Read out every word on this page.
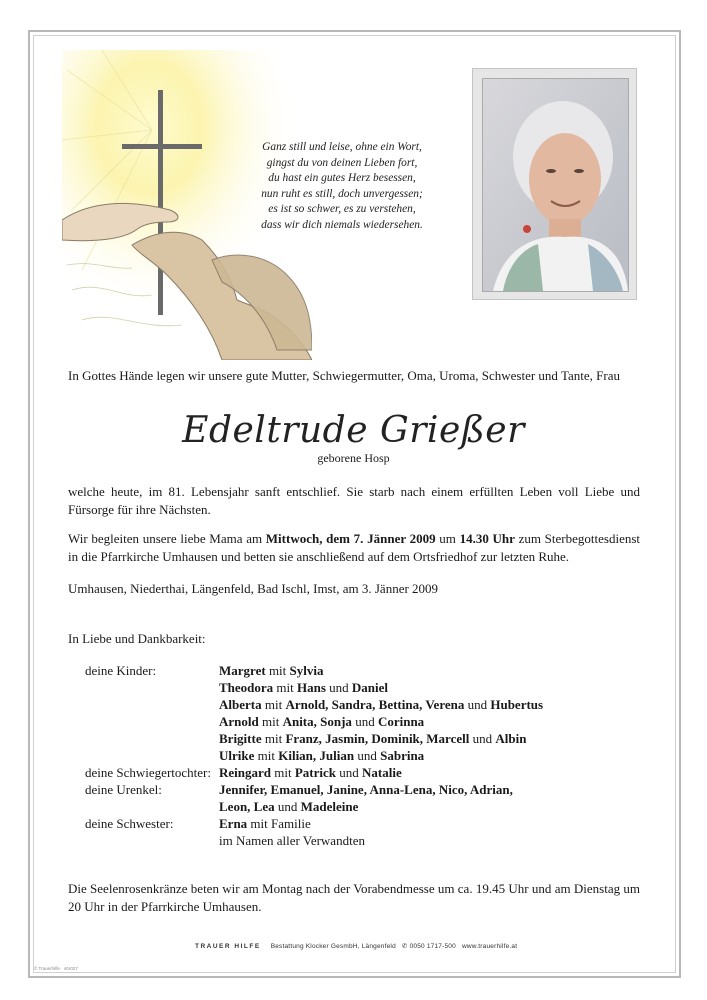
Ganz still und leise, ohne ein Wort,
gingst du von deinen Lieben fort,
du hast ein gutes Herz besessen,
nun ruht es still, doch unvergessen;
es ist so schwer, es zu verstehen,
dass wir dich niemals wiedersehen.
In Gottes Hände legen wir unsere gute Mutter, Schwiegermutter, Oma, Uroma, Schwester und Tante, Frau
Edeltrude Grießer
geborene Hosp
welche heute, im 81. Lebensjahr sanft entschlief. Sie starb nach einem erfüllten Leben voll Liebe und Fürsorge für ihre Nächsten.
Wir begleiten unsere liebe Mama am Mittwoch, dem 7. Jänner 2009 um 14.30 Uhr zum Sterbegottesdienst in die Pfarrkirche Umhausen und betten sie anschließend auf dem Ortsfriedhof zur letzten Ruhe.
Umhausen, Niederthai, Längenfeld, Bad Ischl, Imst, am 3. Jänner 2009
In Liebe und Dankbarkeit:
deine Kinder:	Margret mit Sylvia
Theodora mit Hans und Daniel
Alberta mit Arnold, Sandra, Bettina, Verena und Hubertus
Arnold mit Anita, Sonja und Corinna
Brigitte mit Franz, Jasmin, Dominik, Marcell und Albin
Ulrike mit Kilian, Julian und Sabrina
deine Schwiegertochter: Reingard mit Patrick und Natalie
deine Urenkel:	Jennifer, Emanuel, Janine, Anna-Lena, Nico, Adrian,
Leon, Lea und Madeleine
deine Schwester:	Erna mit Familie
im Namen aller Verwandten
Die Seelenrosenkränze beten wir am Montag nach der Vorabendmesse um ca. 19.45 Uhr und am Dienstag um 20 Uhr in der Pfarrkirche Umhausen.
TRAUER HILFE Bestattung Klocker GesmbH, Längenfeld ✆ 0050 1717-500 www.trauerhilfe.at
© Trauerhilfe · 40r027
